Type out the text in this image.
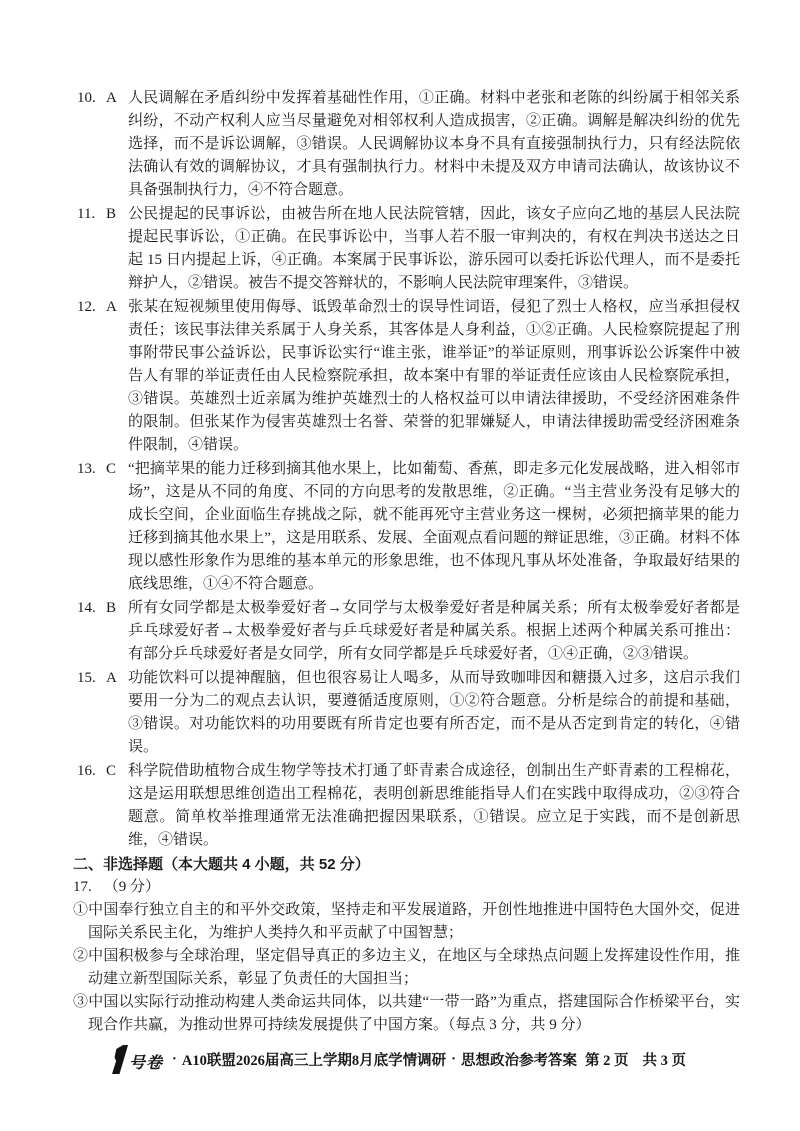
10. A 人民调解在矛盾纠纷中发挥着基础性作用，①正确。材料中老张和老陈的纠纷属于相邻关系纠纷，不动产权利人应当尽量避免对相邻权利人造成损害，②正确。调解是解决纠纷的优先选择，而不是诉讼调解，③错误。人民调解协议本身不具有直接强制执行力，只有经法院依法确认有效的调解协议，才具有强制执行力。材料中未提及双方申请司法确认，故该协议不具备强制执行力，④不符合题意。

11. B 公民提起的民事诉讼，由被告所在地人民法院管辖，因此，该女子应向乙地的基层人民法院提起民事诉讼，①正确。在民事诉讼中，当事人若不服一审判决的，有权在判决书送达之日起 15 日内提起上诉，④正确。本案属于民事诉讼，游乐园可以委托诉讼代理人，而不是委托辩护人，②错误。被告不提交答辩状的，不影响人民法院审理案件，③错误。

12. A 张某在短视频里使用侮辱、诋毁革命烈士的误导性词语，侵犯了烈士人格权，应当承担侵权责任；该民事法律关系属于人身关系，其客体是人身利益，①②正确。人民检察院提起了刑事附带民事公益诉讼，民事诉讼实行“谁主张，谁举证”的举证原则，刑事诉讼公诉案件中被告人有罪的举证责任由人民检察院承担，故本案中有罪的举证责任应该由人民检察院承担，③错误。英雄烈士近亲属为维护英雄烈士的人格权益可以申请法律援助，不受经济困难条件的限制。但张某作为侵害英雄烈士名誉、荣誉的犯罪嫌疑人，申请法律援助需受经济困难条件限制，④错误。

13. C “把摘苹果的能力迁移到摘其他水果上，比如葡萄、香蕉，即走多元化发展战略，进入相邻市场”，这是从不同的角度、不同的方向思考的发散思维，②正确。“当主营业务没有足够大的成长空间，企业面临生存挑战之际，就不能再死守主营业务这一棵树，必须把摘苹果的能力迁移到摘其他水果上”，这是用联系、发展、全面观点看问题的辩证思维，③正确。材料不体现以感性形象作为思维的基本单元的形象思维，也不体现凡事从坏处准备，争取最好结果的底线思维，①④不符合题意。

14. B 所有女同学都是太极拳爱好者→女同学与太极拳爱好者是种属关系；所有太极拳爱好者都是乒乓球爱好者→太极拳爱好者与乒乓球爱好者是种属关系。根据上述两个种属关系可推出：有部分乒乓球爱好者是女同学，所有女同学都是乒乓球爱好者，①④正确，②③错误。

15. A 功能饮料可以提神醒脑，但也很容易让人喝多，从而导致咖啡因和糖摄入过多，这启示我们要用一分为二的观点去认识，要遵循适度原则，①②符合题意。分析是综合的前提和基础，③错误。对功能饮料的功用要既有所肯定也要有所否定，而不是从否定到肯定的转化，④错误。

16. C 科学院借助植物合成生物学等技术打通了虾青素合成途径，创制出生产虾青素的工程棉花，这是运用联想思维创造出工程棉花，表明创新思维能指导人们在实践中取得成功，②③符合题意。简单枚举推理通常无法准确把握因果联系，①错误。应立足于实践，而不是创新思维，④错误。

二、非选择题（本大题共 4 小题，共 52 分）

17. （9 分）

①中国奉行独立自主的和平外交政策，坚持走和平发展道路，开创性地推进中国特色大国外交，促进国际关系民主化，为维护人类持久和平贡献了中国智慧；

②中国积极参与全球治理，坚定倡导真正的多边主义，在地区与全球热点问题上发挥建设性作用，推动建立新型国际关系，彰显了负责任的大国担当；

③中国以实际行动推动构建人类命运共同体，以共建“一带一路”为重点，搭建国际合作桥梁平台，实现合作共赢，为推动世界可持续发展提供了中国方案。（每点 3 分，共 9 分）

号卷 · A10联盟2026届高三上学期8月底学情调研 · 思想政治参考答案 第 2 页 共 3 页
